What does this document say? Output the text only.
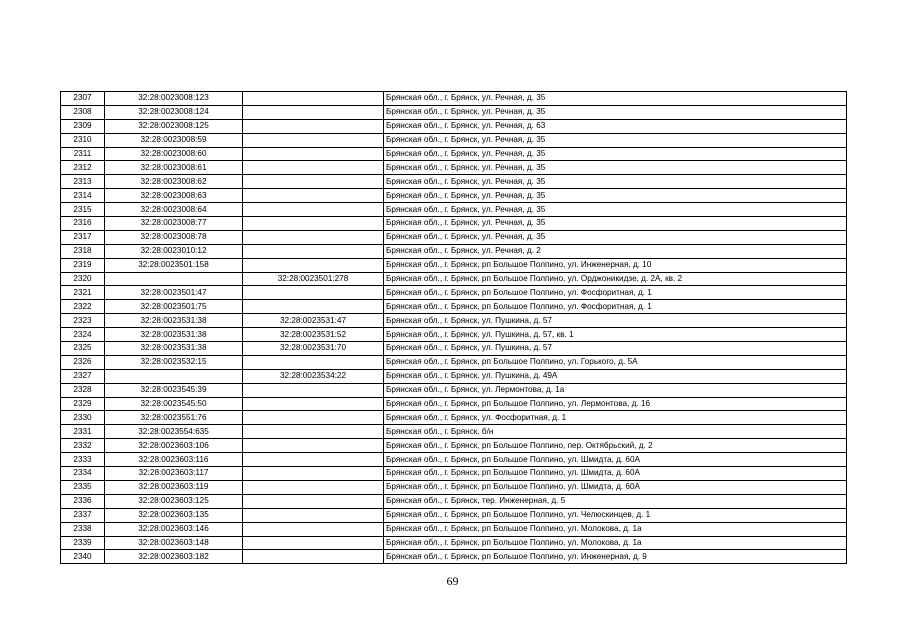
2307	32:28:0023008:123		Брянская обл., г. Брянск, ул. Речная, д. 35
2308	32:28:0023008:124		Брянская обл., г. Брянск, ул. Речная, д. 35
2309	32:28:0023008:125		Брянская обл., г. Брянск, ул. Речная, д. 63
2310	32:28:0023008:59		Брянская обл., г. Брянск, ул. Речная, д. 35
2311	32:28:0023008:60		Брянская обл., г. Брянск, ул. Речная, д. 35
2312	32:28:0023008:61		Брянская обл., г. Брянск, ул. Речная, д. 35
2313	32:28:0023008:62		Брянская обл., г. Брянск, ул. Речная, д. 35
2314	32:28:0023008:63		Брянская обл., г. Брянск, ул. Речная, д. 35
2315	32:28:0023008:64		Брянская обл., г. Брянск, ул. Речная, д. 35
2316	32:28:0023008:77		Брянская обл., г. Брянск, ул. Речная, д. 35
2317	32:28:0023008:78		Брянская обл., г. Брянск, ул. Речная, д. 35
2318	32:28:0023010:12		Брянская обл., г. Брянск, ул. Речная, д. 2
2319	32:28:0023501:158		Брянская обл., г. Брянск, рп Большое Полпино, ул. Инженерная, д. 10
2320		32:28:0023501:278	Брянская обл., г. Брянск, рп Большое Полпино, ул. Орджоникидзе, д. 2А, кв. 2
2321	32:28:0023501:47		Брянская обл., г. Брянск, рп Большое Полпино, ул. Фосфоритная, д. 1
2322	32:28:0023501:75		Брянская обл., г. Брянск, рп Большое Полпино, ул. Фосфоритная, д. 1
2323	32:28:0023531:38	32:28:0023531:47	Брянская обл., г. Брянск, ул. Пушкина, д. 57
2324	32:28:0023531:38	32:28:0023531:52	Брянская обл., г. Брянск, ул. Пушкина, д. 57, кв. 1
2325	32:28:0023531:38	32:28:0023531:70	Брянская обл., г. Брянск, ул. Пушкина, д. 57
2326	32:28:0023532:15		Брянская обл., г. Брянск, рп Большое Полпино, ул. Горького, д. 5А
2327		32:28:0023534:22	Брянская обл., г. Брянск, ул. Пушкина, д. 49А
2328	32:28:0023545:39		Брянская обл., г. Брянск, ул. Лермонтова, д. 1а
2329	32:28:0023545:50		Брянская обл., г. Брянск, рп Большое Полпино, ул. Лермонтова, д. 16
2330	32:28:0023551:76		Брянская обл., г. Брянск, ул. Фосфоритная, д. 1
2331	32:28:0023554:635		Брянская обл., г. Брянск, б/н
2332	32:28:0023603:106		Брянская обл., г. Брянск, рп Большое Полпино, пер. Октябрьский, д. 2
2333	32:28:0023603:116		Брянская обл., г. Брянск, рп Большое Полпино, ул. Шмидта, д. 60А
2334	32:28:0023603:117		Брянская обл., г. Брянск, рп Большое Полпино, ул. Шмидта, д. 60А
2335	32:28:0023603:119		Брянская обл., г. Брянск, рп Большое Полпино, ул. Шмидта, д. 60А
2336	32:28:0023603:125		Брянская обл., г. Брянск, тер. Инженерная, д. 5
2337	32:28:0023603:135		Брянская обл., г. Брянск, рп Большое Полпино, ул. Челюскинцев, д. 1
2338	32:28:0023603:146		Брянская обл., г. Брянск, рп Большое Полпино, ул. Молокова, д. 1а
2339	32:28:0023603:148		Брянская обл., г. Брянск, рп Большое Полпино, ул. Молокова, д. 1а
2340	32:28:0023603:182		Брянская обл., г. Брянск, рп Большое Полпино, ул. Инженерная, д. 9
69
